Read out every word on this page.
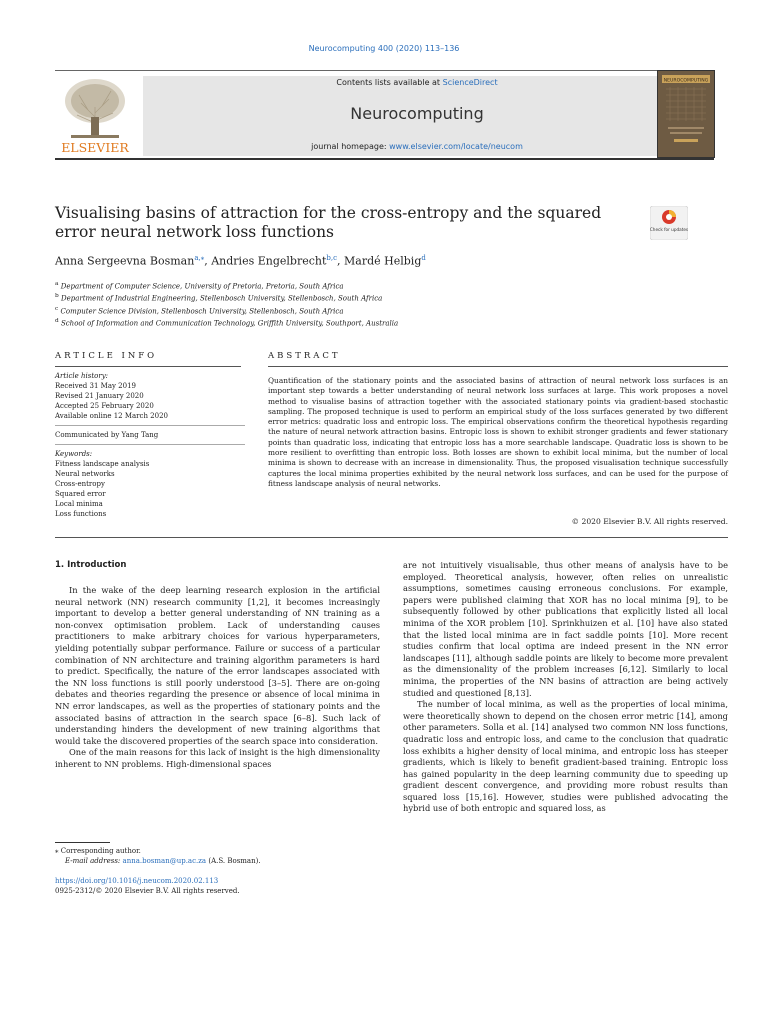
Neurocomputing 400 (2020) 113–136
ELSEVIER
Contents lists available at ScienceDirect
Neurocomputing
journal homepage: www.elsevier.com/locate/neucom
NEUROCOMPUTING
Visualising basins of attraction for the cross-entropy and the squared error neural network loss functions	Check for updates
Anna Sergeevna Bosman$^{a,⁎}$, Andries Engelbrecht$^{b,c}$, Mardé Helbig$^d$
$^a$ Department of Computer Science, University of Pretoria, Pretoria, South Africa
$^b$ Department of Industrial Engineering, Stellenbosch University, Stellenbosch, South Africa
$^c$ Computer Science Division, Stellenbosch University, Stellenbosch, South Africa
$^d$ School of Information and Communication Technology, Griffith University, Southport, Australia
ARTICLE INFO
Article history:
Received 31 May 2019
Revised 21 January 2020
Accepted 25 February 2020
Available online 12 March 2020
Communicated by Yang Tang
Keywords:
Fitness landscape analysis
Neural networks
Cross-entropy
Squared error
Local minima
Loss functions
ABSTRACT
Quantification of the stationary points and the associated basins of attraction of neural network loss surfaces is an important step towards a better understanding of neural network loss surfaces at large. This work proposes a novel method to visualise basins of attraction together with the associated stationary points via gradient-based stochastic sampling. The proposed technique is used to perform an empirical study of the loss surfaces generated by two different error metrics: quadratic loss and entropic loss. The empirical observations confirm the theoretical hypothesis regarding the nature of neural network attraction basins. Entropic loss is shown to exhibit stronger gradients and fewer stationary points than quadratic loss, indicating that entropic loss has a more searchable landscape. Quadratic loss is shown to be more resilient to overfitting than entropic loss. Both losses are shown to exhibit local minima, but the number of local minima is shown to decrease with an increase in dimensionality. Thus, the proposed visualisation technique successfully captures the local minima properties exhibited by the neural network loss surfaces, and can be used for the purpose of fitness landscape analysis of neural networks.
© 2020 Elsevier B.V. All rights reserved.
1. Introduction

In the wake of the deep learning research explosion in the artificial neural network (NN) research community [1,2], it becomes increasingly important to develop a better general understanding of NN training as a non-convex optimisation problem. Lack of understanding causes practitioners to make arbitrary choices for various hyperparameters, yielding potentially subpar performance. Failure or success of a particular combination of NN architecture and training algorithm parameters is hard to predict. Specifically, the nature of the error landscapes associated with the NN loss functions is still poorly understood [3–5]. There are on-going debates and theories regarding the presence or absence of local minima in NN error landscapes, as well as the properties of stationary points and the associated basins of attraction in the search space [6–8]. Such lack of understanding hinders the development of new training algorithms that would take the discovered properties of the search space into consideration.

One of the main reasons for this lack of insight is the high dimensionality inherent to NN problems. High-dimensional spaces

are not intuitively visualisable, thus other means of analysis have to be employed. Theoretical analysis, however, often relies on unrealistic assumptions, sometimes causing erroneous conclusions. For example, papers were published claiming that XOR has no local minima [9], to be subsequently followed by other publications that explicitly listed all local minima of the XOR problem [10]. Sprinkhuizen et al. [10] have also stated that the listed local minima are in fact saddle points [10]. More recent studies confirm that local optima are indeed present in the NN error landscapes [11], although saddle points are likely to become more prevalent as the dimensionality of the problem increases [6,12]. Similarly to local minima, the properties of the NN basins of attraction are being actively studied and questioned [8,13].

The number of local minima, as well as the properties of local minima, were theoretically shown to depend on the chosen error metric [14], among other parameters. Solla et al. [14] analysed two common NN loss functions, quadratic loss and entropic loss, and came to the conclusion that quadratic loss exhibits a higher density of local minima, and entropic loss has steeper gradients, which is likely to benefit gradient-based training. Entropic loss has gained popularity in the deep learning community due to speeding up gradient descent convergence, and providing more robust results than squared loss [15,16]. However, studies were published advocating the hybrid use of both entropic and squared loss, as

⁎ Corresponding author.
E-mail address: anna.bosman@up.ac.za (A.S. Bosman).
https://doi.org/10.1016/j.neucom.2020.02.113
0925-2312/© 2020 Elsevier B.V. All rights reserved.
